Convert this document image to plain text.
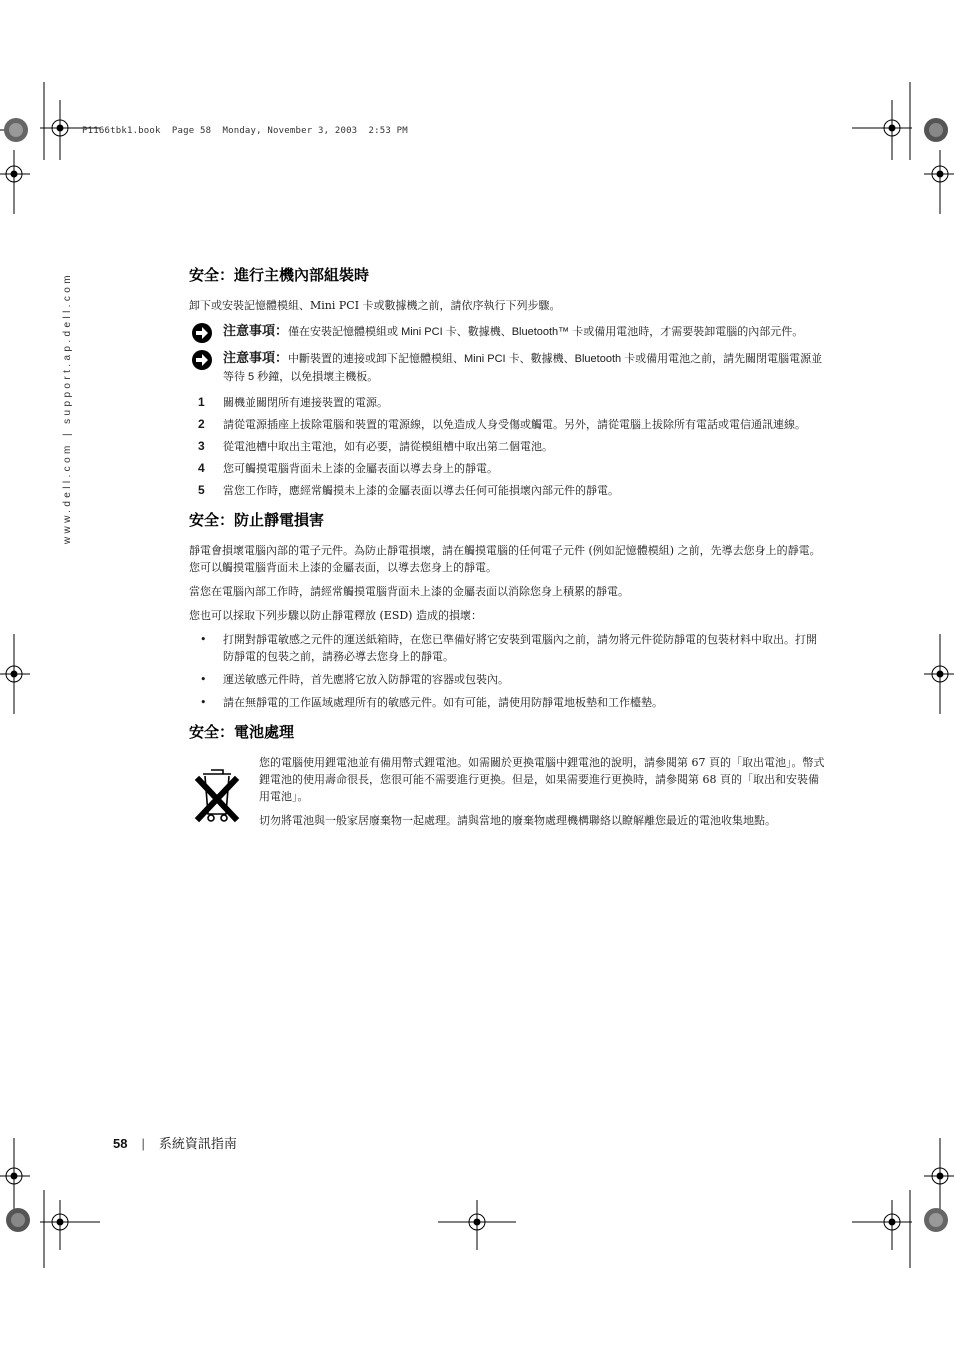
P1166tbk1.book  Page 58  Monday, November 3, 2003  2:53 PM
www.dell.com | support.ap.dell.com	安全：進行主機內部組裝時

卸下或安裝記憶體模組、Mini PCI 卡或數據機之前，請依序執行下列步驟。

注意事項：僅在安裝記憶體模組或 Mini PCI 卡、數據機、Bluetooth™ 卡或備用電池時，才需要裝卸電腦的內部元件。
注意事項：中斷裝置的連接或卸下記憶體模組、Mini PCI 卡、數據機、Bluetooth 卡或備用電池之前，請先關閉電腦電源並等待 5 秒鐘，以免損壞主機板。
1 關機並關閉所有連接裝置的電源。
2 請從電源插座上拔除電腦和裝置的電源線，以免造成人身受傷或觸電。另外，請從電腦上拔除所有電話或電信通訊連線。
3 從電池槽中取出主電池，如有必要，請從模組槽中取出第二個電池。
4 您可觸摸電腦背面未上漆的金屬表面以導去身上的靜電。
5 當您工作時，應經常觸摸未上漆的金屬表面以導去任何可能損壞內部元件的靜電。
安全：防止靜電損害

靜電會損壞電腦內部的電子元件。為防止靜電損壞，請在觸摸電腦的任何電子元件 (例如記憶體模組) 之前，先導去您身上的靜電。您可以觸摸電腦背面未上漆的金屬表面，以導去您身上的靜電。

當您在電腦內部工作時，請經常觸摸電腦背面未上漆的金屬表面以消除您身上積累的靜電。

您也可以採取下列步驟以防止靜電釋放 (ESD) 造成的損壞：

• 打開對靜電敏感之元件的運送紙箱時，在您已準備好將它安裝到電腦內之前，請勿將元件從防靜電的包裝材料中取出。打開防靜電的包裝之前，請務必導去您身上的靜電。
• 運送敏感元件時，首先應將它放入防靜電的容器或包裝內。
• 請在無靜電的工作區域處理所有的敏感元件。如有可能，請使用防靜電地板墊和工作檯墊。
安全：電池處理

您的電腦使用鋰電池並有備用幣式鋰電池。如需關於更換電腦中鋰電池的說明，請參閱第 67 頁的「取出電池」。幣式鋰電池的使用壽命很長，您很可能不需要進行更換。但是，如果需要進行更換時，請參閱第 68 頁的「取出和安裝備用電池」。

切勿將電池與一般家居廢棄物一起處理。請與當地的廢棄物處理機構聯絡以瞭解離您最近的電池收集地點。

58 | 系統資訊指南
